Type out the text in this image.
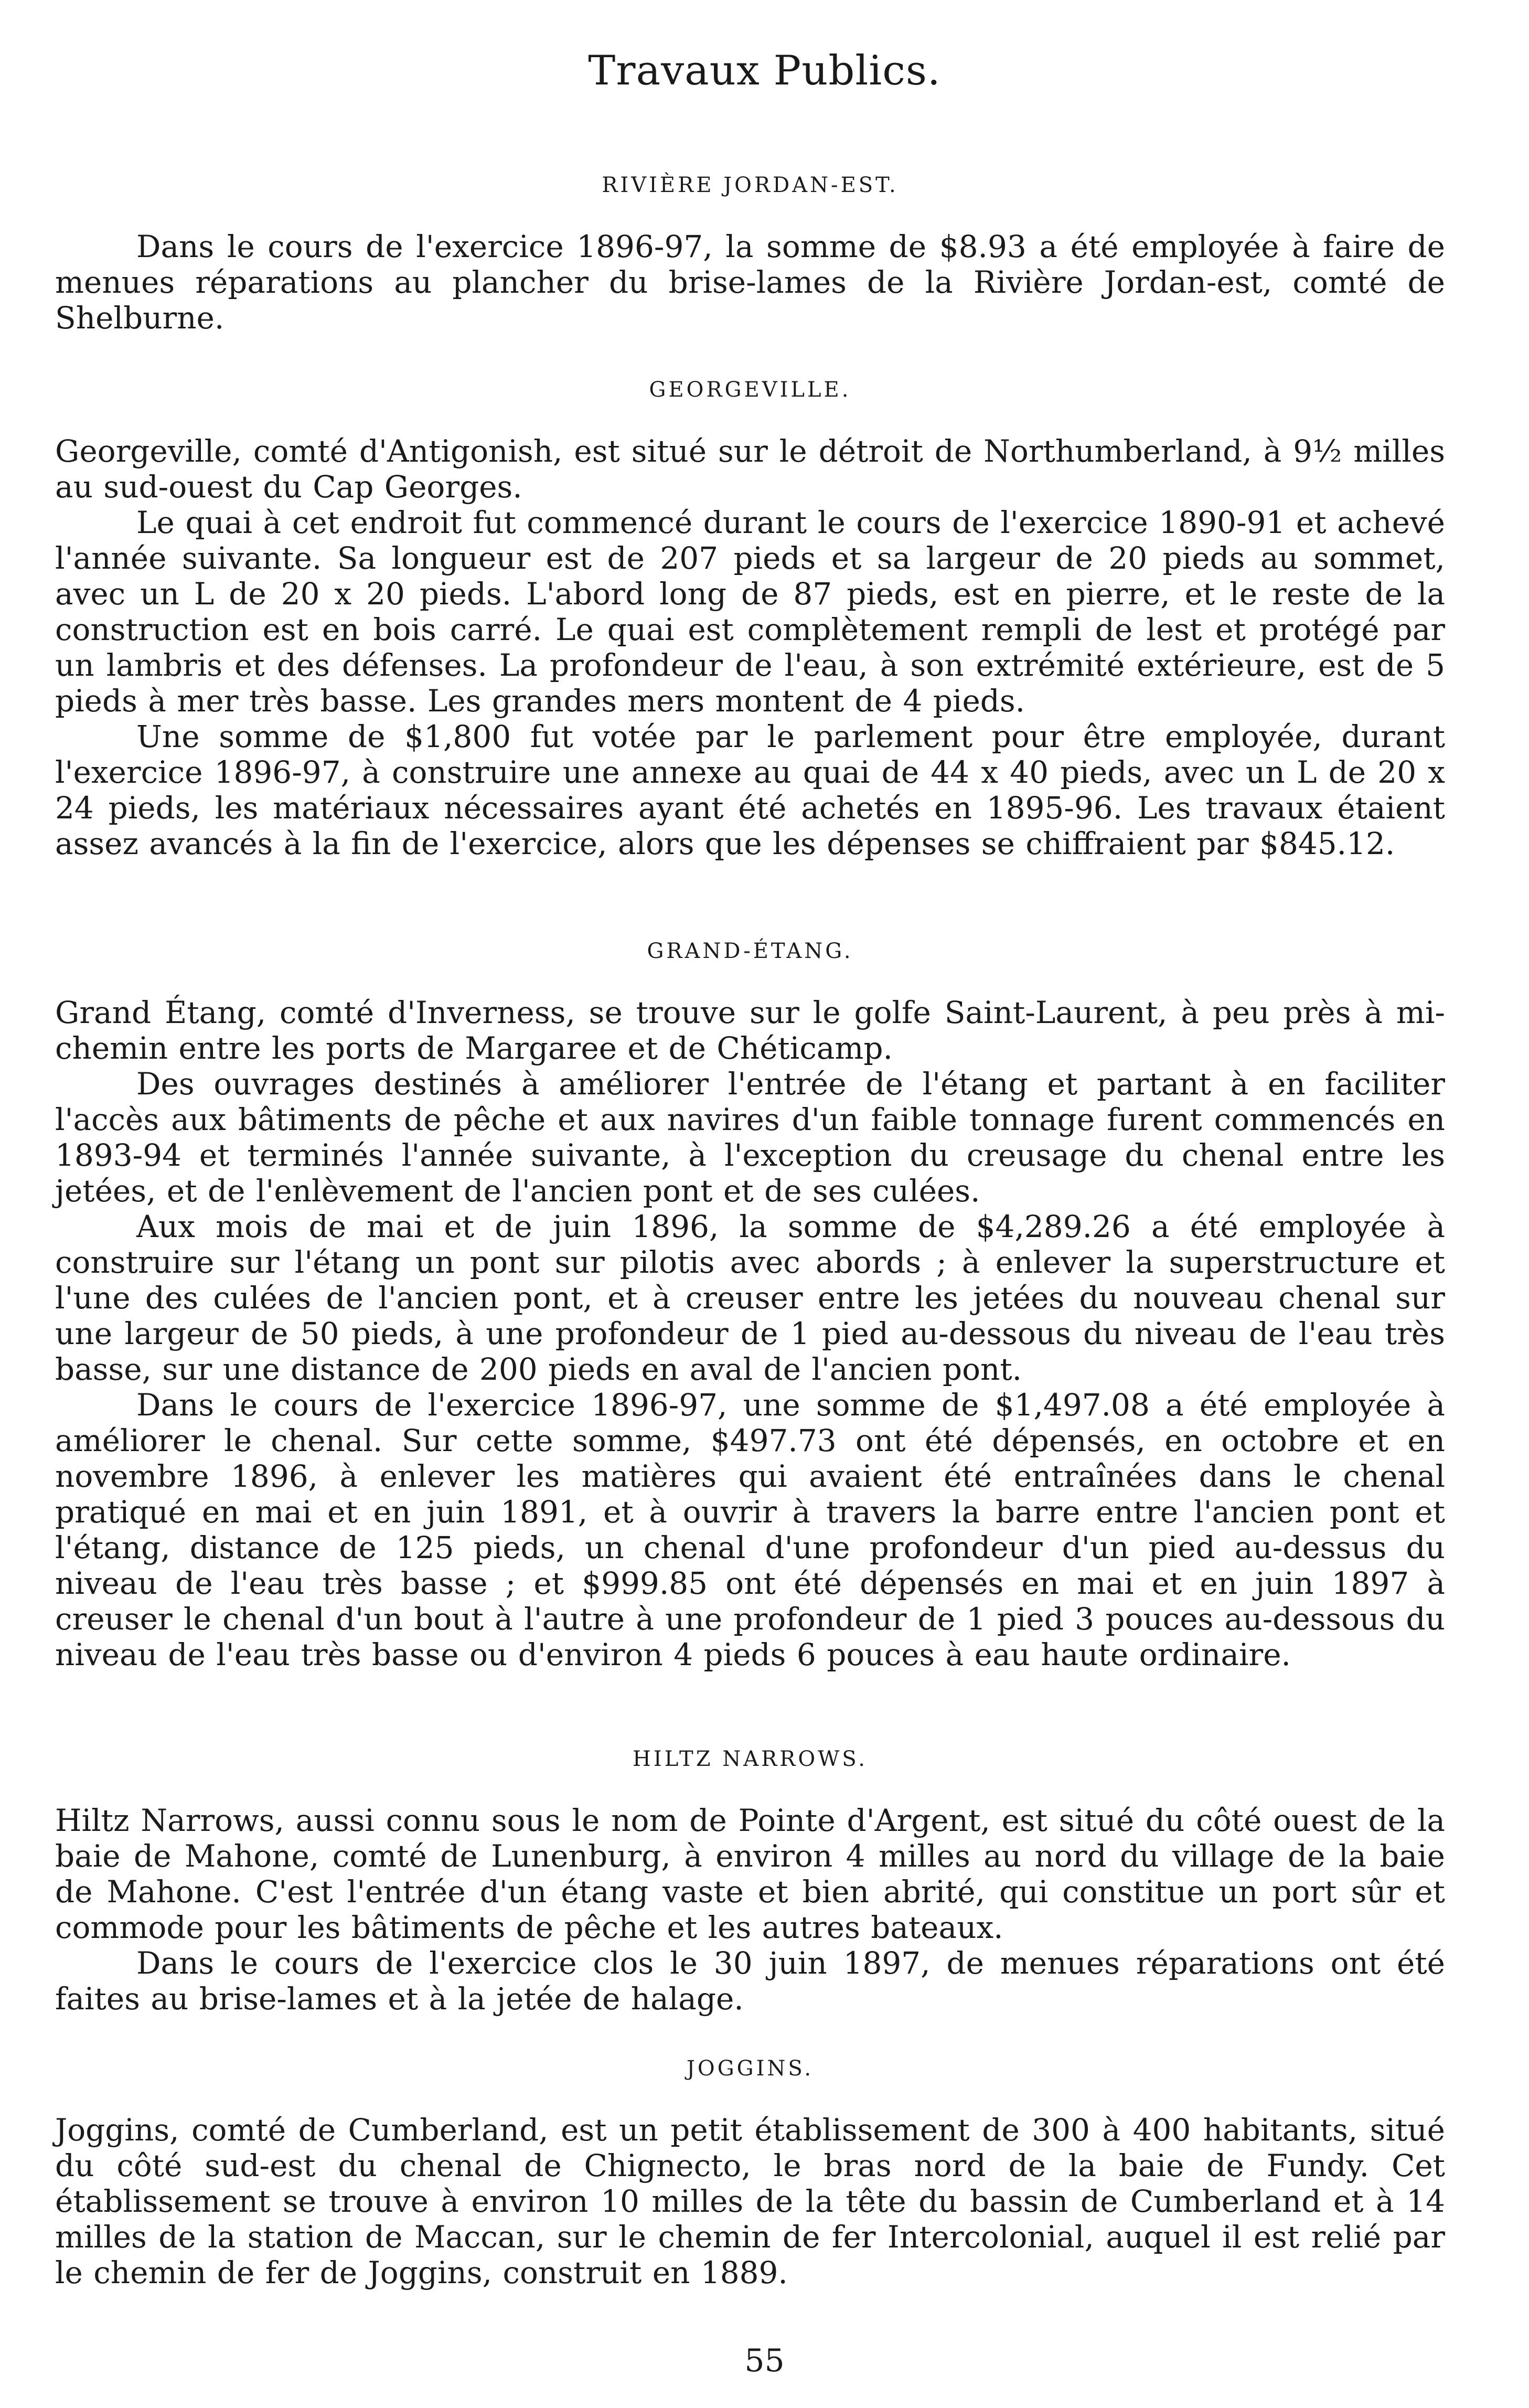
Travaux Publics.
RIVIÈRE JORDAN-EST.

Dans le cours de l'exercice 1896-97, la somme de $8.93 a été employée à faire de menues réparations au plancher du brise-lames de la Rivière Jordan-est, comté de Shelburne.

GEORGEVILLE.

Georgeville, comté d'Antigonish, est situé sur le détroit de Northumberland, à 9½ milles au sud-ouest du Cap Georges.

Le quai à cet endroit fut commencé durant le cours de l'exercice 1890-91 et achevé l'année suivante. Sa longueur est de 207 pieds et sa largeur de 20 pieds au sommet, avec un L de 20 x 20 pieds. L'abord long de 87 pieds, est en pierre, et le reste de la construction est en bois carré. Le quai est complètement rempli de lest et protégé par un lambris et des défenses. La profondeur de l'eau, à son extrémité extérieure, est de 5 pieds à mer très basse. Les grandes mers montent de 4 pieds.

Une somme de $1,800 fut votée par le parlement pour être employée, durant l'exercice 1896-97, à construire une annexe au quai de 44 x 40 pieds, avec un L de 20 x 24 pieds, les matériaux nécessaires ayant été achetés en 1895-96. Les travaux étaient assez avancés à la fin de l'exercice, alors que les dépenses se chiffraient par $845.12.

GRAND-ÉTANG.

Grand Étang, comté d'Inverness, se trouve sur le golfe Saint-Laurent, à peu près à mi-chemin entre les ports de Margaree et de Chéticamp.

Des ouvrages destinés à améliorer l'entrée de l'étang et partant à en faciliter l'accès aux bâtiments de pêche et aux navires d'un faible tonnage furent commencés en 1893-94 et terminés l'année suivante, à l'exception du creusage du chenal entre les jetées, et de l'enlèvement de l'ancien pont et de ses culées.

Aux mois de mai et de juin 1896, la somme de $4,289.26 a été employée à construire sur l'étang un pont sur pilotis avec abords ; à enlever la superstructure et l'une des culées de l'ancien pont, et à creuser entre les jetées du nouveau chenal sur une largeur de 50 pieds, à une profondeur de 1 pied au-dessous du niveau de l'eau très basse, sur une distance de 200 pieds en aval de l'ancien pont.

Dans le cours de l'exercice 1896-97, une somme de $1,497.08 a été employée à améliorer le chenal. Sur cette somme, $497.73 ont été dépensés, en octobre et en novembre 1896, à enlever les matières qui avaient été entraînées dans le chenal pratiqué en mai et en juin 1891, et à ouvrir à travers la barre entre l'ancien pont et l'étang, distance de 125 pieds, un chenal d'une profondeur d'un pied au-dessus du niveau de l'eau très basse ; et $999.85 ont été dépensés en mai et en juin 1897 à creuser le chenal d'un bout à l'autre à une profondeur de 1 pied 3 pouces au-dessous du niveau de l'eau très basse ou d'environ 4 pieds 6 pouces à eau haute ordinaire.

HILTZ NARROWS.

Hiltz Narrows, aussi connu sous le nom de Pointe d'Argent, est situé du côté ouest de la baie de Mahone, comté de Lunenburg, à environ 4 milles au nord du village de la baie de Mahone. C'est l'entrée d'un étang vaste et bien abrité, qui constitue un port sûr et commode pour les bâtiments de pêche et les autres bateaux.

Dans le cours de l'exercice clos le 30 juin 1897, de menues réparations ont été faites au brise-lames et à la jetée de halage.

JOGGINS.

Joggins, comté de Cumberland, est un petit établissement de 300 à 400 habitants, situé du côté sud-est du chenal de Chignecto, le bras nord de la baie de Fundy. Cet établissement se trouve à environ 10 milles de la tête du bassin de Cumberland et à 14 milles de la station de Maccan, sur le chemin de fer Intercolonial, auquel il est relié par le chemin de fer de Joggins, construit en 1889.

55
